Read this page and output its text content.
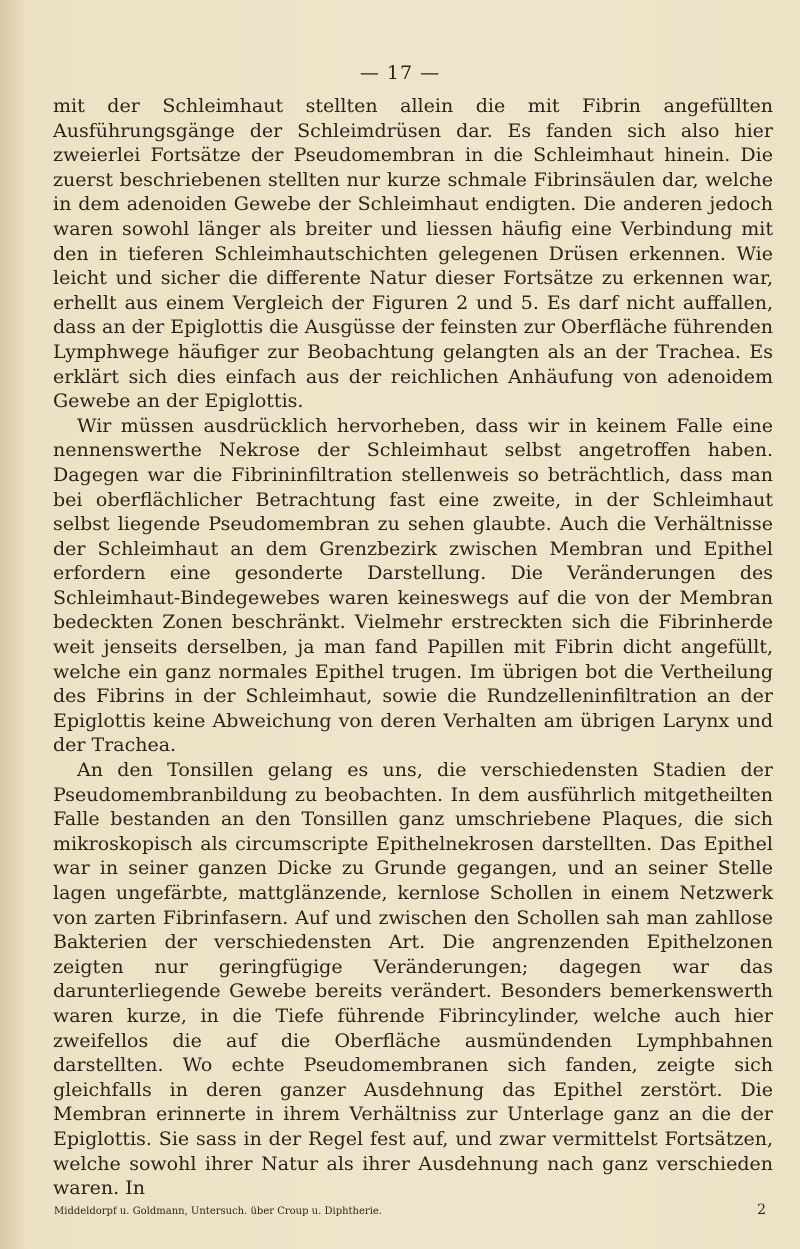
— 17 —

mit der Schleimhaut stellten allein die mit Fibrin angefüllten Ausführungsgänge der Schleimdrüsen dar. Es fanden sich also hier zweierlei Fortsätze der Pseudomembran in die Schleimhaut hinein. Die zuerst beschriebenen stellten nur kurze schmale Fibrinsäulen dar, welche in dem adenoiden Gewebe der Schleimhaut endigten. Die anderen jedoch waren sowohl länger als breiter und liessen häufig eine Verbindung mit den in tieferen Schleimhautschichten gelegenen Drüsen erkennen. Wie leicht und sicher die differente Natur dieser Fortsätze zu erkennen war, erhellt aus einem Vergleich der Figuren 2 und 5. Es darf nicht auffallen, dass an der Epiglottis die Ausgüsse der feinsten zur Oberfläche führenden Lymphwege häufiger zur Beobachtung gelangten als an der Trachea. Es erklärt sich dies einfach aus der reichlichen Anhäufung von adenoidem Gewebe an der Epiglottis.

Wir müssen ausdrücklich hervorheben, dass wir in keinem Falle eine nennenswerthe Nekrose der Schleimhaut selbst angetroffen haben. Dagegen war die Fibrininfiltration stellenweis so beträchtlich, dass man bei oberflächlicher Betrachtung fast eine zweite, in der Schleimhaut selbst liegende Pseudomembran zu sehen glaubte. Auch die Verhältnisse der Schleimhaut an dem Grenzbezirk zwischen Membran und Epithel erfordern eine gesonderte Darstellung. Die Veränderungen des Schleimhaut-Bindegewebes waren keineswegs auf die von der Membran bedeckten Zonen beschränkt. Vielmehr erstreckten sich die Fibrinherde weit jenseits derselben, ja man fand Papillen mit Fibrin dicht angefüllt, welche ein ganz normales Epithel trugen. Im übrigen bot die Vertheilung des Fibrins in der Schleimhaut, sowie die Rundzelleninfiltration an der Epiglottis keine Abweichung von deren Verhalten am übrigen Larynx und der Trachea.

An den Tonsillen gelang es uns, die verschiedensten Stadien der Pseudomembranbildung zu beobachten. In dem ausführlich mitgetheilten Falle bestanden an den Tonsillen ganz umschriebene Plaques, die sich mikroskopisch als circumscripte Epithelnekrosen darstellten. Das Epithel war in seiner ganzen Dicke zu Grunde gegangen, und an seiner Stelle lagen ungefärbte, mattglänzende, kernlose Schollen in einem Netzwerk von zarten Fibrinfasern. Auf und zwischen den Schollen sah man zahllose Bakterien der verschiedensten Art. Die angrenzenden Epithelzonen zeigten nur geringfügige Veränderungen; dagegen war das darunterliegende Gewebe bereits verändert. Besonders bemerkenswerth waren kurze, in die Tiefe führende Fibrincylinder, welche auch hier zweifellos die auf die Oberfläche ausmündenden Lymphbahnen darstellten. Wo echte Pseudomembranen sich fanden, zeigte sich gleichfalls in deren ganzer Ausdehnung das Epithel zerstört. Die Membran erinnerte in ihrem Verhältniss zur Unterlage ganz an die der Epiglottis. Sie sass in der Regel fest auf, und zwar vermittelst Fortsätzen, welche sowohl ihrer Natur als ihrer Ausdehnung nach ganz verschieden waren. In

Middeldorpf u. Goldmann, Untersuch. über Croup u. Diphtherie.	2
